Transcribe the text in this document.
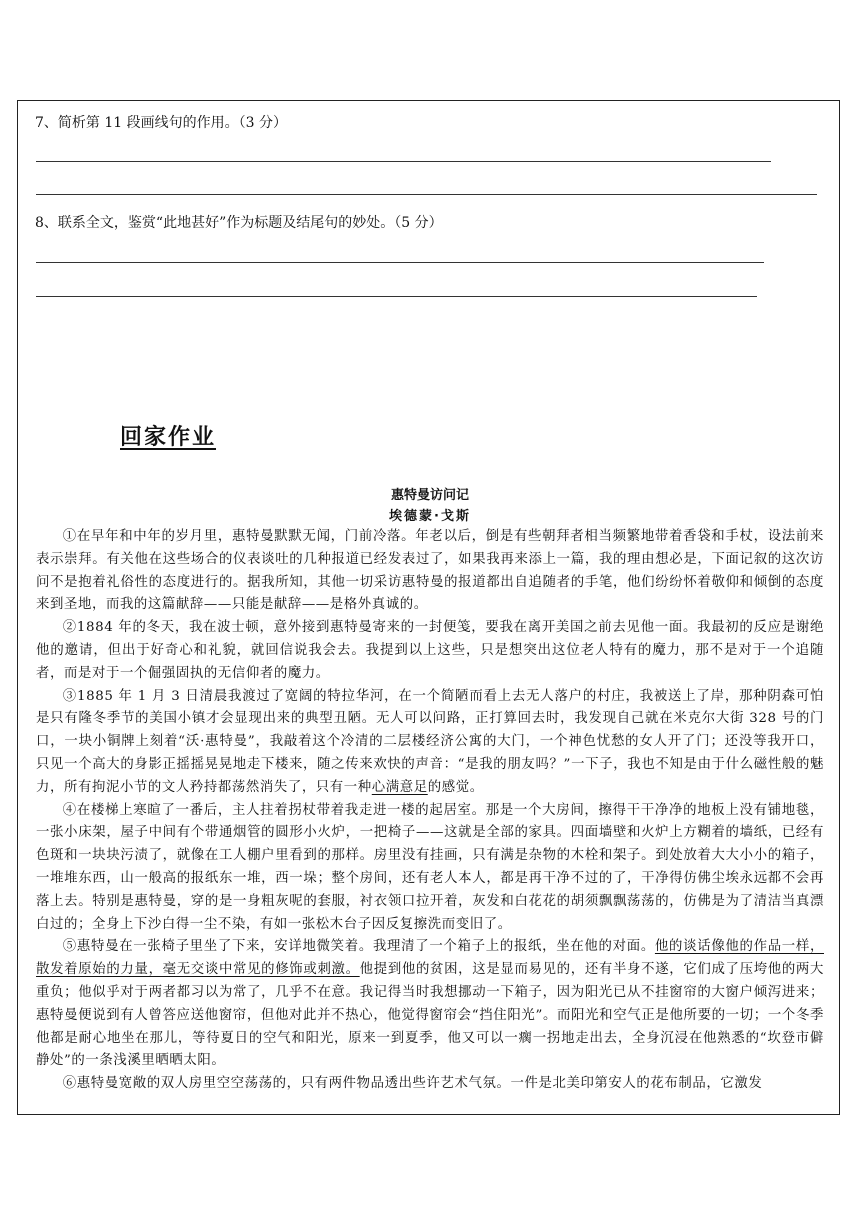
7、简析第 11 段画线句的作用。（3 分）
8、联系全文，鉴赏“此地甚好”作为标题及结尾句的妙处。（5 分）
回家作业
惠特曼访问记
埃德蒙·戈斯

①在早年和中年的岁月里，惠特曼默默无闻，门前冷落。年老以后，倒是有些朝拜者相当频繁地带着香袋和手杖，设法前来表示崇拜。有关他在这些场合的仪表谈吐的几种报道已经发表过了，如果我再来添上一篇，我的理由想必是，下面记叙的这次访问不是抱着礼俗性的态度进行的。据我所知，其他一切采访惠特曼的报道都出自追随者的手笔，他们纷纷怀着敬仰和倾倒的态度来到圣地，而我的这篇献辞——只能是献辞——是格外真诚的。

②1884 年的冬天，我在波士顿，意外接到惠特曼寄来的一封便笺，要我在离开美国之前去见他一面。我最初的反应是谢绝他的邀请，但出于好奇心和礼貌，就回信说我会去。我提到以上这些，只是想突出这位老人特有的魔力，那不是对于一个追随者，而是对于一个倔强固执的无信仰者的魔力。

③1885 年 1 月 3 日清晨我渡过了宽阔的特拉华河，在一个简陋而看上去无人落户的村庄，我被送上了岸，那种阴森可怕是只有隆冬季节的美国小镇才会显现出来的典型丑陋。无人可以问路，正打算回去时，我发现自己就在米克尔大街 328 号的门口，一块小铜牌上刻着“沃·惠特曼”，我敲着这个冷清的二层楼经济公寓的大门，一个神色忧愁的女人开了门；还没等我开口，只见一个高大的身影正摇摇晃晃地走下楼来，随之传来欢快的声音：“是我的朋友吗？”一下子，我也不知是由于什么磁性般的魅力，所有拘泥小节的文人矜持都荡然消失了，只有一种心满意足的感觉。

④在楼梯上寒暄了一番后，主人拄着拐杖带着我走进一楼的起居室。那是一个大房间，擦得干干净净的地板上没有铺地毯，一张小床架，屋子中间有个带通烟管的圆形小火炉，一把椅子——这就是全部的家具。四面墙壁和火炉上方糊着的墙纸，已经有色斑和一块块污渍了，就像在工人棚户里看到的那样。房里没有挂画，只有满是杂物的木栓和架子。到处放着大大小小的箱子，一堆堆东西，山一般高的报纸东一堆，西一垛；整个房间，还有老人本人，都是再干净不过的了，干净得仿佛尘埃永远都不会再落上去。特别是惠特曼，穿的是一身粗灰呢的套服，衬衣领口拉开着，灰发和白花花的胡须飘飘荡荡的，仿佛是为了清洁当真漂白过的；全身上下沙白得一尘不染，有如一张松木台子因反复擦洗而变旧了。

⑤惠特曼在一张椅子里坐了下来，安详地微笑着。我理清了一个箱子上的报纸，坐在他的对面。他的谈话像他的作品一样，散发着原始的力量，毫无交谈中常见的修饰或刺激。他提到他的贫困，这是显而易见的，还有半身不遂，它们成了压垮他的两大重负；他似乎对于两者都习以为常了，几乎不在意。我记得当时我想挪动一下箱子，因为阳光已从不挂窗帘的大窗户倾泻进来；惠特曼便说到有人曾答应送他窗帘，但他对此并不热心，他觉得窗帘会“挡住阳光”。而阳光和空气正是他所要的一切；一个冬季他都是耐心地坐在那儿，等待夏日的空气和阳光，原来一到夏季，他又可以一瘸一拐地走出去，全身沉浸在他熟悉的“坎登市僻静处”的一条浅溪里晒晒太阳。

⑥惠特曼宽敞的双人房里空空荡荡的，只有两件物品透出些许艺术气氛。一件是北美印第安人的花布制品，它激发
